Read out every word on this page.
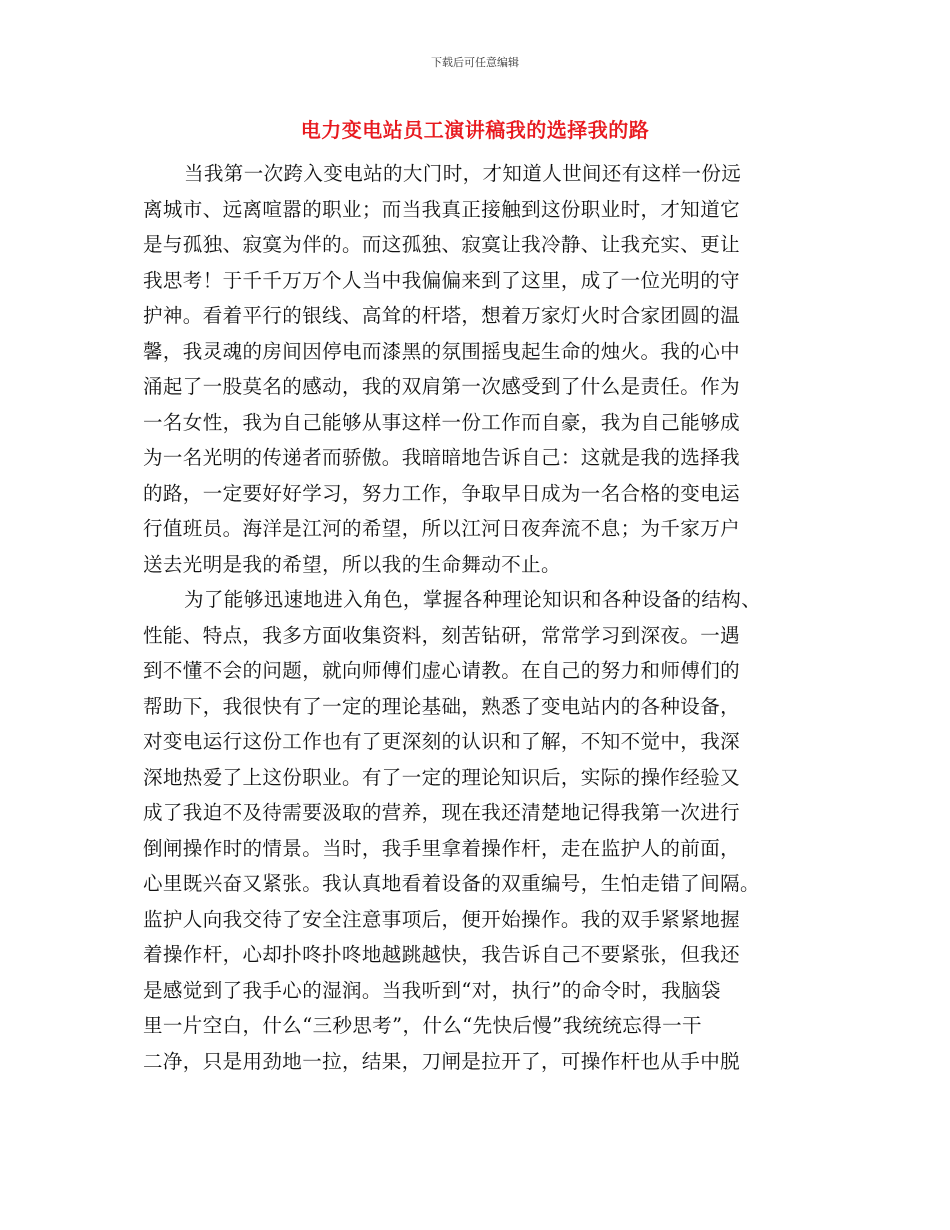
下载后可任意编辑
电力变电站员工演讲稿我的选择我的路
当我第一次跨入变电站的大门时，才知道人世间还有这样一份远
离城市、远离喧嚣的职业；而当我真正接触到这份职业时，才知道它
是与孤独、寂寞为伴的。而这孤独、寂寞让我冷静、让我充实、更让
我思考！于千千万万个人当中我偏偏来到了这里，成了一位光明的守
护神。看着平行的银线、高耸的杆塔，想着万家灯火时合家团圆的温
馨，我灵魂的房间因停电而漆黑的氛围摇曳起生命的烛火。我的心中
涌起了一股莫名的感动，我的双肩第一次感受到了什么是责任。作为
一名女性，我为自己能够从事这样一份工作而自豪，我为自己能够成
为一名光明的传递者而骄傲。我暗暗地告诉自己：这就是我的选择我
的路，一定要好好学习，努力工作，争取早日成为一名合格的变电运
行值班员。海洋是江河的希望，所以江河日夜奔流不息；为千家万户
送去光明是我的希望，所以我的生命舞动不止。
为了能够迅速地进入角色，掌握各种理论知识和各种设备的结构、
性能、特点，我多方面收集资料，刻苦钻研，常常学习到深夜。一遇
到不懂不会的问题，就向师傅们虚心请教。在自己的努力和师傅们的
帮助下，我很快有了一定的理论基础，熟悉了变电站内的各种设备，
对变电运行这份工作也有了更深刻的认识和了解，不知不觉中，我深
深地热爱了上这份职业。有了一定的理论知识后，实际的操作经验又
成了我迫不及待需要汲取的营养，现在我还清楚地记得我第一次进行
倒闸操作时的情景。当时，我手里拿着操作杆，走在监护人的前面，
心里既兴奋又紧张。我认真地看着设备的双重编号，生怕走错了间隔。
监护人向我交待了安全注意事项后，便开始操作。我的双手紧紧地握
着操作杆，心却扑咚扑咚地越跳越快，我告诉自己不要紧张，但我还
是感觉到了我手心的湿润。当我听到“对，执行”的命令时，我脑袋
里一片空白，什么“三秒思考”，什么“先快后慢”我统统忘得一干
二净，只是用劲地一拉，结果，刀闸是拉开了，可操作杆也从手中脱
